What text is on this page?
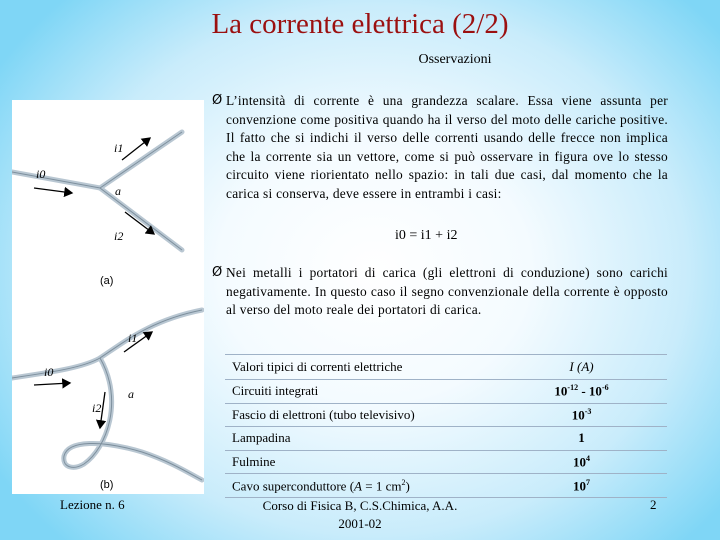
La corrente elettrica (2/2)
Osservazioni
i0
i1
a
i2
(a)
i0
i1
a
i2
(b)
Ø L’intensità di corrente è una grandezza scalare. Essa viene assunta per convenzione come positiva quando ha il verso del moto delle cariche positive. Il fatto che si indichi il verso delle correnti usando delle frecce non implica che la corrente sia un vettore, come si può osservare in figura ove lo stesso circuito viene riorientato nello spazio: in tali due casi, dal momento che la carica si conserva, deve essere in entrambi i casi:
i0 = i1 + i2
Ø Nei metalli i portatori di carica (gli elettroni di conduzione) sono carichi negativamente. In questo caso il segno convenzionale della corrente è opposto al verso del moto reale dei portatori di carica.
Valori tipici di correnti elettriche	I (A)
Circuiti integrati	$10^{-12} - 10^{-6}$
Fascio di elettroni (tubo televisivo)	$10^{-3}$
Lampadina	1
Fulmine	$10^4$
Cavo superconduttore (A = 1 $cm^2$)	$10^7$
Lezione n. 6	Corso di Fisica B, C.S.Chimica, A.A. 2001-02
2
